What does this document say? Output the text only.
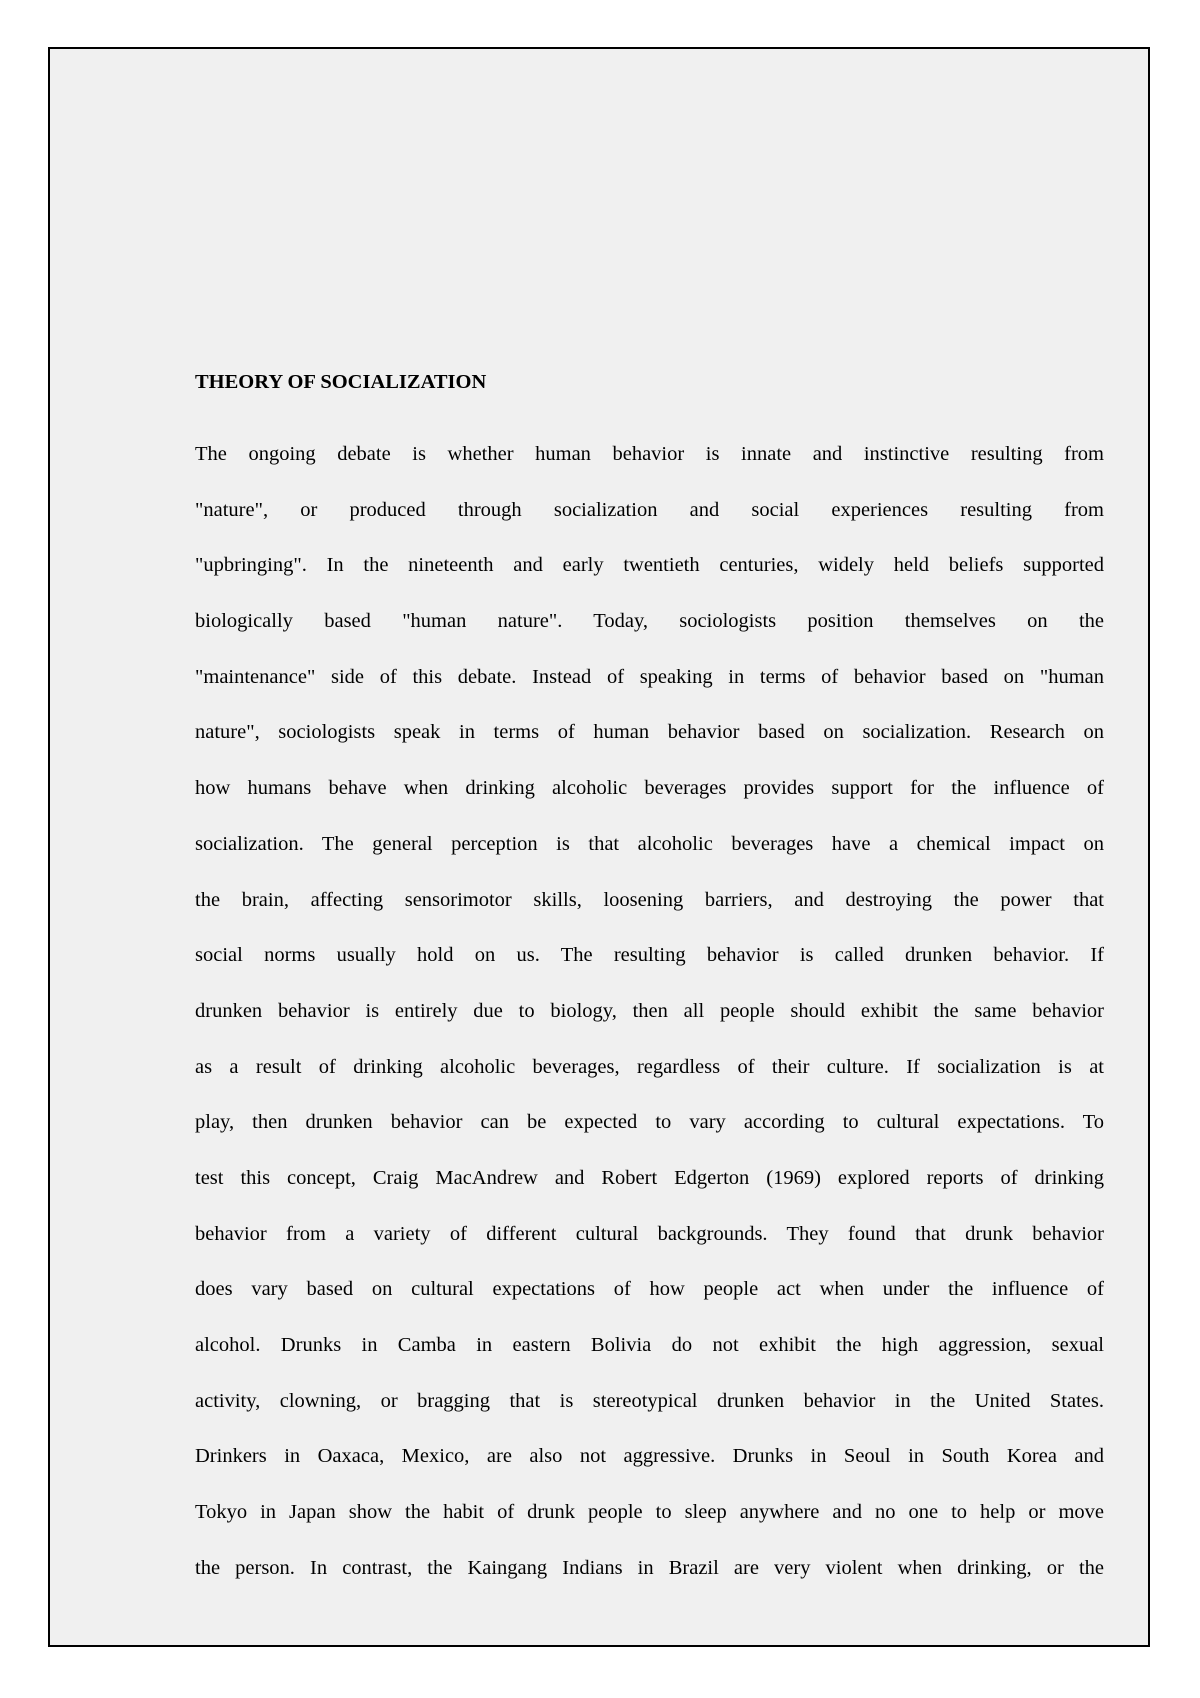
THEORY OF SOCIALIZATION
The ongoing debate is whether human behavior is innate and instinctive resulting from
"nature", or produced through socialization and social experiences resulting from
"upbringing". In the nineteenth and early twentieth centuries, widely held beliefs supported
biologically based "human nature". Today, sociologists position themselves on the
"maintenance" side of this debate. Instead of speaking in terms of behavior based on "human
nature", sociologists speak in terms of human behavior based on socialization. Research on
how humans behave when drinking alcoholic beverages provides support for the influence of
socialization. The general perception is that alcoholic beverages have a chemical impact on
the brain, affecting sensorimotor skills, loosening barriers, and destroying the power that
social norms usually hold on us. The resulting behavior is called drunken behavior. If
drunken behavior is entirely due to biology, then all people should exhibit the same behavior
as a result of drinking alcoholic beverages, regardless of their culture. If socialization is at
play, then drunken behavior can be expected to vary according to cultural expectations. To
test this concept, Craig MacAndrew and Robert Edgerton (1969) explored reports of drinking
behavior from a variety of different cultural backgrounds. They found that drunk behavior
does vary based on cultural expectations of how people act when under the influence of
alcohol. Drunks in Camba in eastern Bolivia do not exhibit the high aggression, sexual
activity, clowning, or bragging that is stereotypical drunken behavior in the United States.
Drinkers in Oaxaca, Mexico, are also not aggressive. Drunks in Seoul in South Korea and
Tokyo in Japan show the habit of drunk people to sleep anywhere and no one to help or move
the person. In contrast, the Kaingang Indians in Brazil are very violent when drinking, or the
